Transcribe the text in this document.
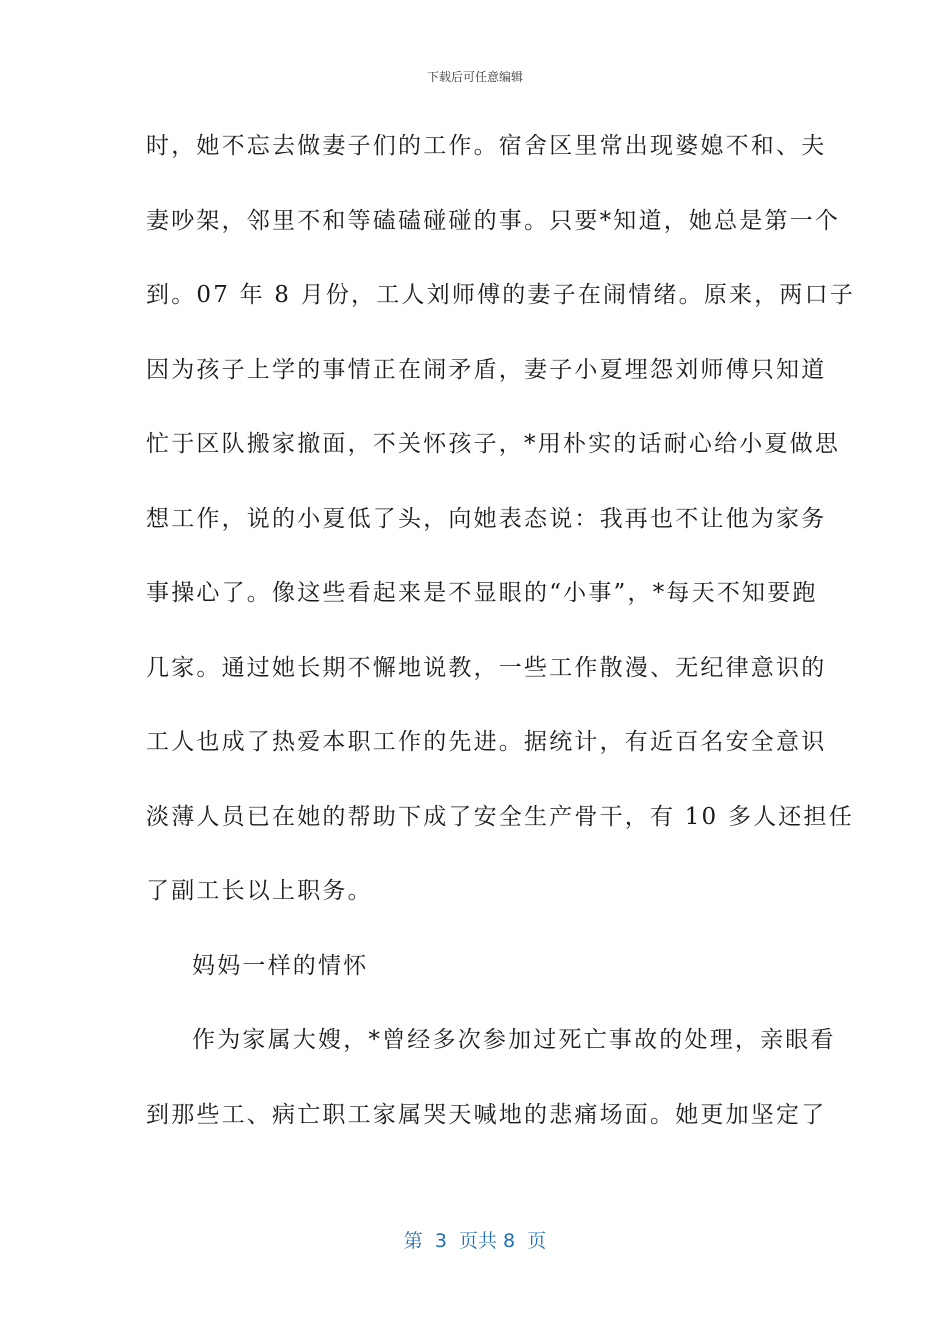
下载后可任意编辑
时，她不忘去做妻子们的工作。宿舍区里常出现婆媳不和、夫
妻吵架，邻里不和等磕磕碰碰的事。只要*知道，她总是第一个
到。07 年 8 月份，工人刘师傅的妻子在闹情绪。原来，两口子
因为孩子上学的事情正在闹矛盾，妻子小夏埋怨刘师傅只知道
忙于区队搬家撤面，不关怀孩子，*用朴实的话耐心给小夏做思
想工作，说的小夏低了头，向她表态说：我再也不让他为家务
事操心了。像这些看起来是不显眼的“小事”，*每天不知要跑
几家。通过她长期不懈地说教，一些工作散漫、无纪律意识的
工人也成了热爱本职工作的先进。据统计，有近百名安全意识
淡薄人员已在她的帮助下成了安全生产骨干，有 10 多人还担任
了副工长以上职务。
妈妈一样的情怀
作为家属大嫂，*曾经多次参加过死亡事故的处理，亲眼看
到那些工、病亡职工家属哭天喊地的悲痛场面。她更加坚定了
第  3  页共 8  页
